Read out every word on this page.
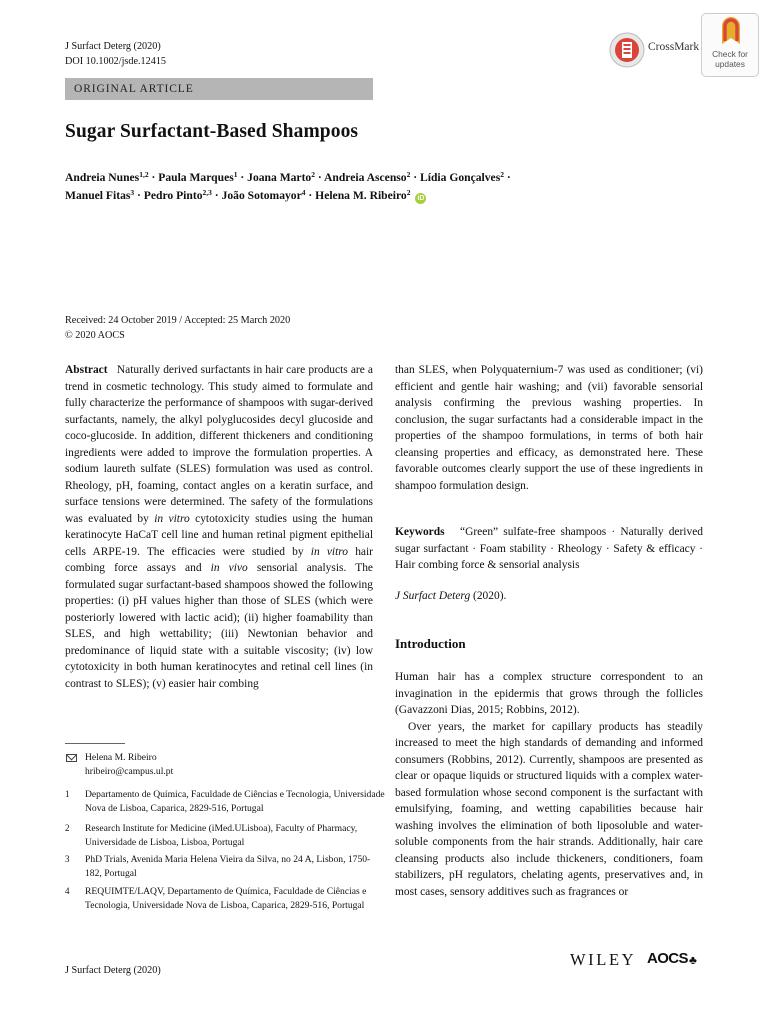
J Surfact Deterg (2020)
DOI 10.1002/jsde.12415
CrossMark
Check for
updates
ORIGINAL ARTICLE
Sugar Surfactant-Based Shampoos
Andreia Nunes$^{1,2}$ · Paula Marques$^1$ · Joana Marto$^2$ · Andreia Ascenso$^2$ · Lídia Gonçalves$^2$ ·
Manuel Fitas$^3$ · Pedro Pinto$^{2,3}$ · João Sotomayor$^4$ · Helena M. Ribeiro$^2$ iD
Received: 24 October 2019 / Accepted: 25 March 2020
© 2020 AOCS
Abstract Naturally derived surfactants in hair care products are a trend in cosmetic technology. This study aimed to formulate and fully characterize the performance of shampoos with sugar-derived surfactants, namely, the alkyl polyglucosides decyl glucoside and coco-glucoside. In addition, different thickeners and conditioning ingredients were added to improve the formulation properties. A sodium laureth sulfate (SLES) formulation was used as control. Rheology, pH, foaming, contact angles on a keratin surface, and surface tensions were determined. The safety of the formulations was evaluated by in vitro cytotoxicity studies using the human keratinocyte HaCaT cell line and human retinal pigment epithelial cells ARPE-19. The efficacies were studied by in vitro hair combing force assays and in vivo sensorial analysis. The formulated sugar surfactant-based shampoos showed the following properties: (i) pH values higher than those of SLES (which were posteriorly lowered with lactic acid); (ii) higher foamability than SLES, and high wettability; (iii) Newtonian behavior and predominance of liquid state with a suitable viscosity; (iv) low cytotoxicity in both human keratinocytes and retinal cell lines (in contrast to SLES); (v) easier hair combing
than SLES, when Polyquaternium-7 was used as conditioner; (vi) efficient and gentle hair washing; and (vii) favorable sensorial analysis confirming the previous washing properties. In conclusion, the sugar surfactants had a considerable impact in the properties of the shampoo formulations, in terms of both hair cleansing properties and efficacy, as demonstrated here. These favorable outcomes clearly support the use of these ingredients in shampoo formulation design.
Keywords “Green” sulfate-free shampoos · Naturally derived sugar surfactant · Foam stability · Rheology · Safety & efficacy · Hair combing force & sensorial analysis
J Surfact Deterg (2020).
Introduction

Human hair has a complex structure correspondent to an invagination in the epidermis that grows through the follicles (Gavazzoni Dias, 2015; Robbins, 2012).

Over years, the market for capillary products has steadily increased to meet the high standards of demanding and informed consumers (Robbins, 2012). Currently, shampoos are presented as clear or opaque liquids or structured liquids with a complex water-based formulation whose second component is the surfactant with emulsifying, foaming, and wetting capabilities because hair washing involves the elimination of both liposoluble and water-soluble components from the hair strands. Additionally, hair care cleansing products also include thickeners, conditioners, foam stabilizers, pH regulators, chelating agents, preservatives and, in most cases, sensory additives such as fragrances or

Helena M. Ribeiro
hribeiro@campus.ul.pt
1 Departamento de Química, Faculdade de Ciências e Tecnologia, Universidade Nova de Lisboa, Caparica, 2829-516, Portugal
2 Research Institute for Medicine (iMed.ULisboa), Faculty of Pharmacy, Universidade de Lisboa, Lisboa, Portugal
3 PhD Trials, Avenida Maria Helena Vieira da Silva, no 24 A, Lisbon, 1750-182, Portugal
4 REQUIMTE/LAQV, Departamento de Química, Faculdade de Ciências e Tecnologia, Universidade Nova de Lisboa, Caparica, 2829-516, Portugal
J Surfact Deterg (2020)
WILEY AOCS ♣
